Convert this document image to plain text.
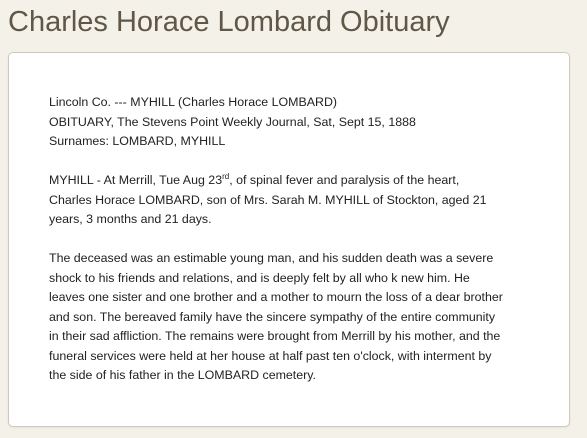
Charles Horace Lombard Obituary
Lincoln Co. --- MYHILL (Charles Horace LOMBARD)
OBITUARY, The Stevens Point Weekly Journal, Sat, Sept 15, 1888
Surnames: LOMBARD, MYHILL
MYHILL - At Merrill, Tue Aug 23rd, of spinal fever and paralysis of the heart,
Charles Horace LOMBARD, son of Mrs. Sarah M. MYHILL of Stockton, aged 21
years, 3 months and 21 days.
The deceased was an estimable young man, and his sudden death was a severe
shock to his friends and relations, and is deeply felt by all who k new him. He
leaves one sister and one brother and a mother to mourn the loss of a dear brother
and son. The bereaved family have the sincere sympathy of the entire community
in their sad affliction. The remains were brought from Merrill by his mother, and the
funeral services were held at her house at half past ten o'clock, with interment by
the side of his father in the LOMBARD cemetery.
